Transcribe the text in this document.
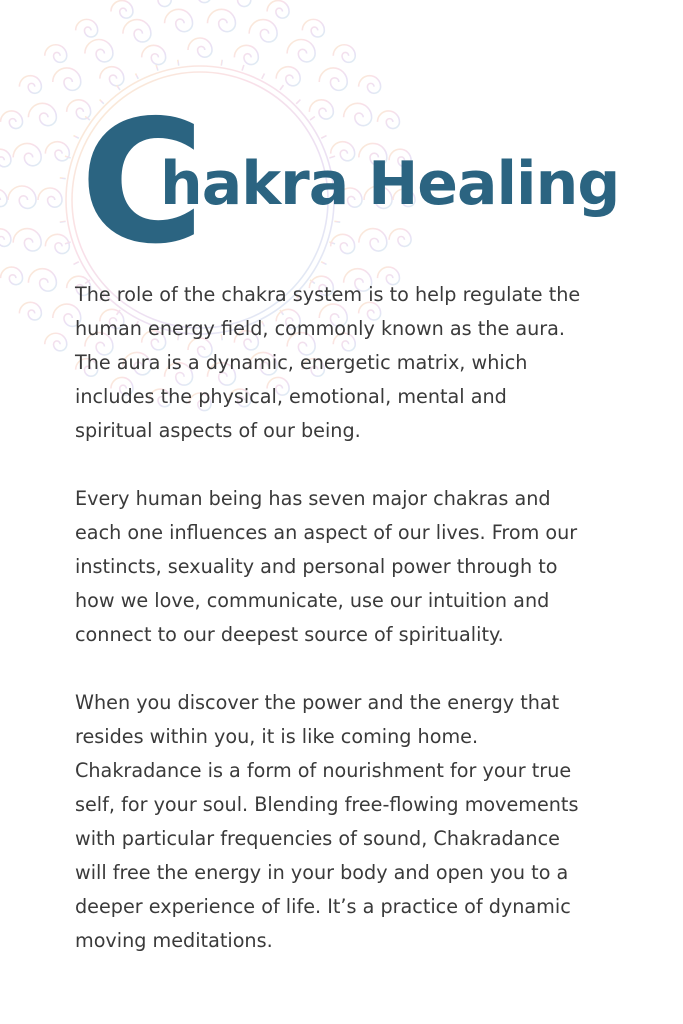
C
hakra Healing

The role of the chakra system is to help regulate the
human energy field, commonly known as the aura.
The aura is a dynamic, energetic matrix, which
includes the physical, emotional, mental and
spiritual aspects of our being.

Every human being has seven major chakras and
each one influences an aspect of our lives. From our
instincts, sexuality and personal power through to
how we love, communicate, use our intuition and
connect to our deepest source of spirituality.

When you discover the power and the energy that
resides within you, it is like coming home.
Chakradance is a form of nourishment for your true
self, for your soul. Blending free-flowing movements
with particular frequencies of sound, Chakradance
will free the energy in your body and open you to a
deeper experience of life. It’s a practice of dynamic
moving meditations.
